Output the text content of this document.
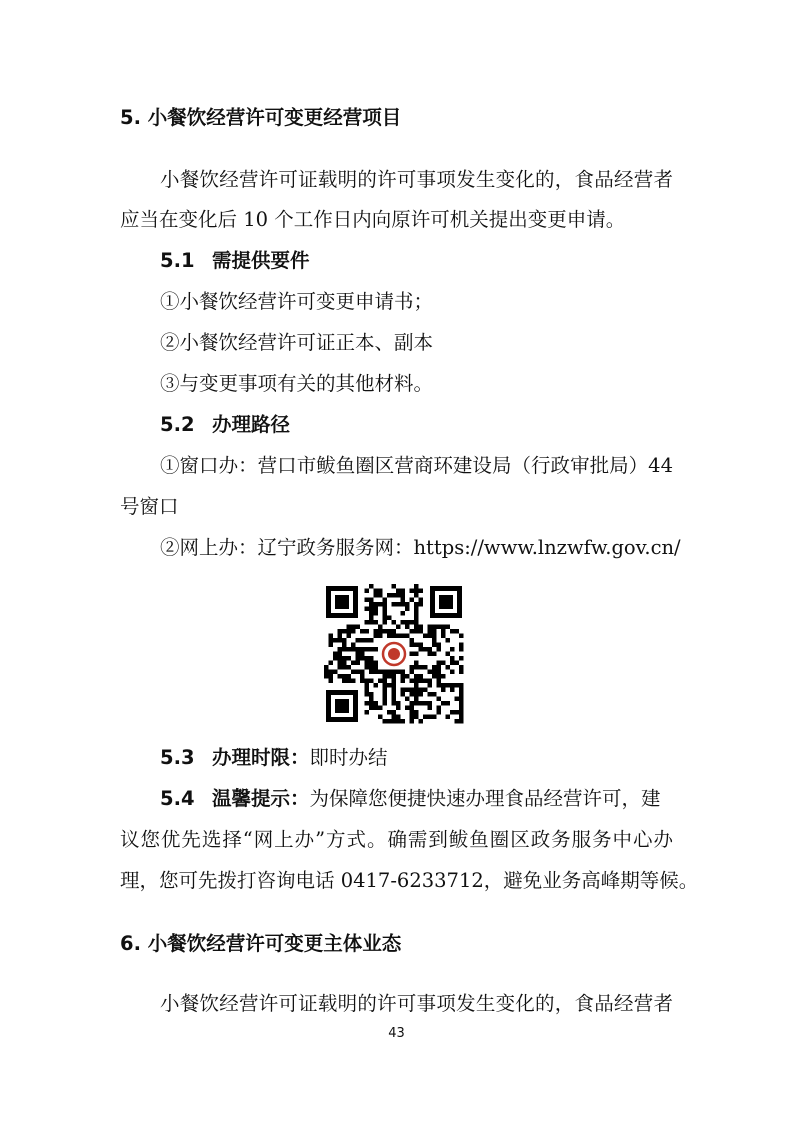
5. 小餐饮经营许可变更经营项目
小餐饮经营许可证载明的许可事项发生变化的，食品经营者
应当在变化后 10 个工作日内向原许可机关提出变更申请。
5.1 需提供要件
①小餐饮经营许可变更申请书；
②小餐饮经营许可证正本、副本
③与变更事项有关的其他材料。
5.2 办理路径
①窗口办：营口市鲅鱼圈区营商环建设局（行政审批局）44
号窗口
②网上办：辽宁政务服务网：https://www.lnzwfw.gov.cn/
5.3 办理时限：即时办结
5.4 温馨提示：为保障您便捷快速办理食品经营许可，建
议您优先选择“网上办”方式。确需到鲅鱼圈区政务服务中心办
理，您可先拨打咨询电话 0417-6233712，避免业务高峰期等候。
6. 小餐饮经营许可变更主体业态
小餐饮经营许可证载明的许可事项发生变化的，食品经营者
43
